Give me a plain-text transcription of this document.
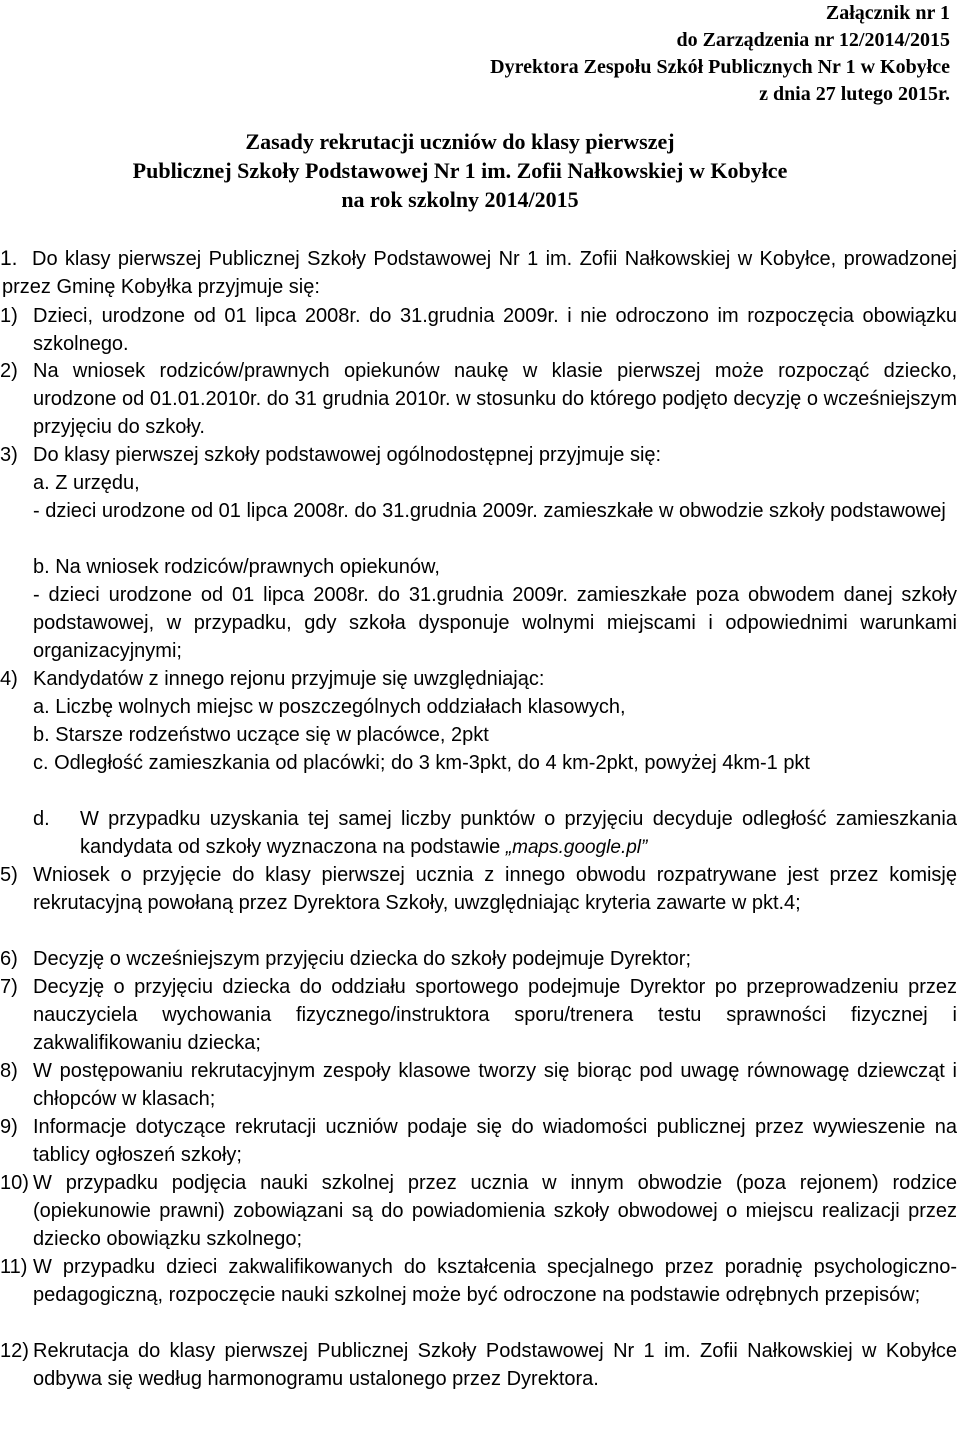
Załącznik nr 1
do Zarządzenia nr 12/2014/2015
Dyrektora Zespołu Szkół Publicznych Nr 1 w Kobyłce
z dnia 27 lutego 2015r.
Zasady rekrutacji uczniów do klasy pierwszej
Publicznej Szkoły Podstawowej Nr 1 im. Zofii Nałkowskiej w Kobyłce
na rok szkolny 2014/2015
1. Do klasy pierwszej Publicznej Szkoły Podstawowej Nr 1 im. Zofii Nałkowskiej w Kobyłce, prowadzonej przez Gminę Kobyłka przyjmuje się:
1) Dzieci, urodzone od 01 lipca 2008r. do 31.grudnia 2009r. i nie odroczono im rozpoczęcia obowiązku szkolnego.
2) Na wniosek rodziców/prawnych opiekunów naukę w klasie pierwszej może rozpocząć dziecko, urodzone od 01.01.2010r. do 31 grudnia 2010r. w stosunku do którego podjęto decyzję o wcześniejszym przyjęciu do szkoły.
3) Do klasy pierwszej szkoły podstawowej ogólnodostępnej przyjmuje się:
a. Z urzędu,
- dzieci urodzone od 01 lipca 2008r. do 31.grudnia 2009r. zamieszkałe w obwodzie szkoły podstawowej
b. Na wniosek rodziców/prawnych opiekunów,
- dzieci urodzone od 01 lipca 2008r. do 31.grudnia 2009r. zamieszkałe poza obwodem danej szkoły podstawowej, w przypadku, gdy szkoła dysponuje wolnymi miejscami i odpowiednimi warunkami organizacyjnymi;
4) Kandydatów z innego rejonu przyjmuje się uwzględniając:
a. Liczbę wolnych miejsc w poszczególnych oddziałach klasowych,
b. Starsze rodzeństwo uczące się w placówce, 2pkt
c. Odległość zamieszkania od placówki; do 3 km-3pkt, do 4 km-2pkt, powyżej 4km-1 pkt
d.	W przypadku uzyskania tej samej liczby punktów o przyjęciu decyduje odległość zamieszkania kandydata od szkoły wyznaczona na podstawie „maps.google.pl”
5) Wniosek o przyjęcie do klasy pierwszej ucznia z innego obwodu rozpatrywane jest przez komisję rekrutacyjną powołaną przez Dyrektora Szkoły, uwzględniając kryteria zawarte w pkt.4;
6) Decyzję o wcześniejszym przyjęciu dziecka do szkoły podejmuje Dyrektor;
7) Decyzję o przyjęciu dziecka do oddziału sportowego podejmuje Dyrektor po przeprowadzeniu przez nauczyciela wychowania fizycznego/instruktora sporu/trenera testu sprawności fizycznej i zakwalifikowaniu dziecka;
8) W postępowaniu rekrutacyjnym zespoły klasowe tworzy się biorąc pod uwagę równowagę dziewcząt i chłopców w klasach;
9) Informacje dotyczące rekrutacji uczniów podaje się do wiadomości publicznej przez wywieszenie na tablicy ogłoszeń szkoły;
10) W przypadku podjęcia nauki szkolnej przez ucznia w innym obwodzie (poza rejonem) rodzice (opiekunowie prawni) zobowiązani są do powiadomienia szkoły obwodowej o miejscu realizacji przez dziecko obowiązku szkolnego;
11) W przypadku dzieci zakwalifikowanych do kształcenia specjalnego przez poradnię psychologiczno-pedagogiczną, rozpoczęcie nauki szkolnej może być odroczone na podstawie odrębnych przepisów;
12) Rekrutacja do klasy pierwszej Publicznej Szkoły Podstawowej Nr 1 im. Zofii Nałkowskiej w Kobyłce odbywa się według harmonogramu ustalonego przez Dyrektora.
